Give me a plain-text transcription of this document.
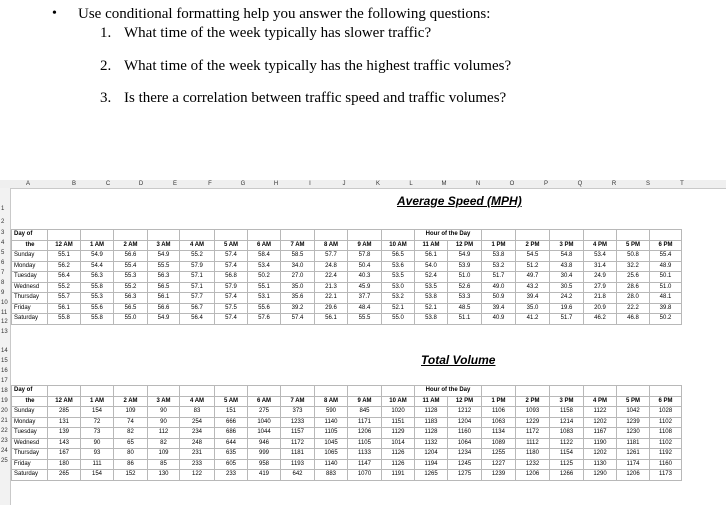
• Use conditional formatting help you answer the following questions:
1. What time of the week typically has slower traffic?
2. What time of the week typically has the highest traffic volumes?
3. Is there a correlation between traffic speed and traffic volumes?
A	B	C	D	E	F	G	H	I	J	K	L	M	N	O	P	Q	R	S	T
1
2
3
4
5
6
7
8
9
10
11
12
13
14
15
16
17
18
19
20
21
22
23
24
25
Average Speed (MPH)
Day of												Hour of the Day							
the	12 AM	1 AM	2 AM	3 AM	4 AM	5 AM	6 AM	7 AM	8 AM	9 AM	10 AM	11 AM	12 PM	1 PM	2 PM	3 PM	4 PM	5 PM	6 PM
Sunday	55.1	54.9	56.6	54.9	55.2	57.4	58.4	58.5	57.7	57.8	56.5	56.1	54.9	53.8	54.5	54.8	53.4	50.8	55.4
Monday	56.2	54.4	55.4	55.5	57.9	57.4	53.4	34.0	24.8	50.4	53.6	54.0	53.9	53.2	51.2	43.8	31.4	32.2	48.9
Tuesday	56.4	56.3	55.3	56.3	57.1	56.8	50.2	27.0	22.4	40.3	53.5	52.4	51.0	51.7	49.7	30.4	24.9	25.6	50.1
Wednesd	55.2	55.8	55.2	56.5	57.1	57.9	55.1	35.0	21.3	45.9	53.0	53.5	52.6	49.0	43.2	30.5	27.9	28.6	51.0
Thursday	55.7	55.3	56.3	56.1	57.7	57.4	53.1	35.6	22.1	37.7	53.2	53.8	53.3	50.9	39.4	24.2	21.8	28.0	48.1
Friday	56.1	55.6	56.5	56.6	56.7	57.5	55.6	39.2	29.6	48.4	52.1	52.1	48.5	39.4	35.0	19.6	20.9	22.2	39.8
Saturday	55.8	55.8	55.0	54.9	56.4	57.4	57.6	57.4	56.1	55.5	55.0	53.8	51.1	40.9	41.2	51.7	46.2	46.8	50.2
Total Volume
Day of												Hour of the Day							
the	12 AM	1 AM	2 AM	3 AM	4 AM	5 AM	6 AM	7 AM	8 AM	9 AM	10 AM	11 AM	12 PM	1 PM	2 PM	3 PM	4 PM	5 PM	6 PM
Sunday	285	154	109	90	83	151	275	373	590	845	1020	1128	1212	1106	1093	1158	1122	1042	1028
Monday	131	72	74	90	254	666	1040	1233	1140	1171	1151	1183	1204	1063	1229	1214	1202	1239	1102
Tuesday	139	73	82	112	234	686	1044	1157	1105	1206	1129	1128	1160	1134	1172	1083	1167	1230	1108
Wednesd	143	90	65	82	248	644	946	1172	1045	1105	1014	1132	1064	1089	1112	1122	1190	1181	1102
Thursday	167	93	80	109	231	635	999	1181	1065	1133	1126	1204	1234	1255	1180	1154	1202	1261	1192
Friday	180	111	86	85	233	605	958	1193	1140	1147	1126	1194	1245	1227	1232	1125	1130	1174	1160
Saturday	265	154	152	130	122	233	419	642	883	1070	1191	1265	1275	1239	1206	1266	1290	1206	1173
